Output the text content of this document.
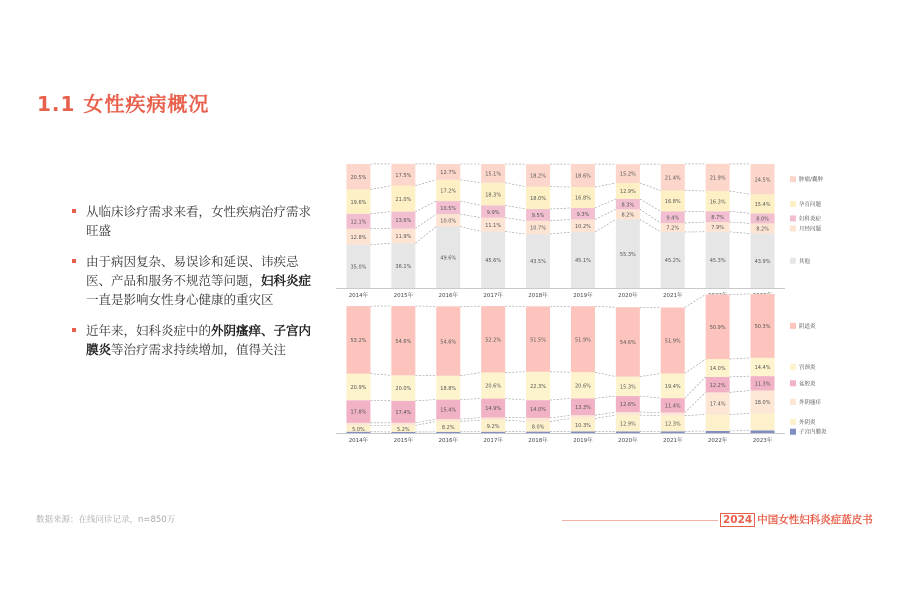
1.1 女性疾病概况
从临床诊疗需求来看，女性疾病治疗需求旺盛
由于病因复杂、易误诊和延误、讳疾忌医、产品和服务不规范等问题，妇科炎症一直是影响女性身心健康的重灾区
近年来，妇科炎症中的外阴瘙痒、子宫内膜炎等治疗需求持续增加，值得关注
35.0%
12.8%
12.1%
19.6%
20.5%
2014年
36.1%
11.9%
13.6%
21.0%
17.5%
2015年
49.6%
10.0%
10.5%
17.2%
12.7%
2016年
45.6%
11.1%
9.9%
18.3%
15.1%
2017年
43.5%
10.7%
9.5%
18.0%
18.2%
2018年
45.1%
10.2%
9.3%
16.8%
18.6%
2019年
55.3%
8.2%
8.3%
12.9%
15.2%
2020年
45.2%
7.2%
9.4%
16.8%
21.4%
2021年
45.3%
7.9%
8.7%
16.3%
21.9%
43.9%
8.2%
8.0%
15.4%
24.5%
其他
月经问题
妇科炎症
孕育问题
肿瘤/囊肿
5.0%
17.8%
20.9%
53.2%
2014年
5.2%
17.4%
20.0%
54.6%
2015年
8.2%
15.4%
18.8%
54.6%
2016年
9.2%
14.9%
20.6%
52.2%
2017年
8.0%
14.0%
22.3%
51.5%
2018年
10.3%
13.3%
20.6%
51.9%
2019年
12.9%
12.6%
15.3%
54.6%
2020年
12.3%
11.4%
19.4%
51.9%
2021年
17.4%
12.2%
14.0%
50.9%
2022年
18.0%
11.3%
14.4%
50.3%
2023年
子宫内膜炎
外阴炎
外阴瘙痒
盆腔炎
宫颈炎
阴道炎
数据来源：在线问诊记录，n=850万	2024 中国女性妇科炎症蓝皮书
